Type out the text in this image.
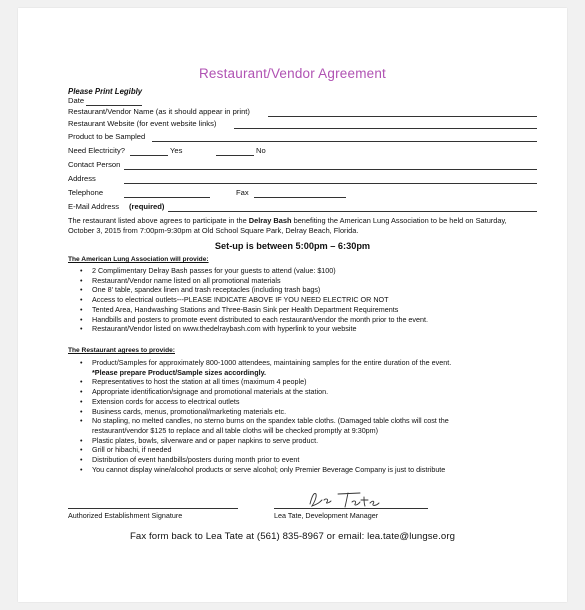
Restaurant/Vendor Agreement
Please Print Legibly
Date
Restaurant/Vendor Name (as it should appear in print)
Restaurant Website (for event website links)
Product to be Sampled
Need Electricity?	Yes	No
Contact Person
Address
Telephone	Fax
E-Mail Address (required)
The restaurant listed above agrees to participate in the Delray Bash benefiting the American Lung Association to be held on Saturday,
October 3, 2015 from 7:00pm-9:30pm at Old School Square Park, Delray Beach, Florida.
Set-up is between 5:00pm – 6:30pm
The American Lung Association will provide:
• 2 Complimentary Delray Bash passes for your guests to attend (value: $100)
• Restaurant/Vendor name listed on all promotional materials
• One 8' table, spandex linen and trash receptacles (including trash bags)
• Access to electrical outlets---PLEASE INDICATE ABOVE IF YOU NEED ELECTRIC OR NOT
• Tented Area, Handwashing Stations and Three-Basin Sink per Health Department Requirements
• Handbills and posters to promote event distributed to each restaurant/vendor the month prior to the event.
• Restaurant/Vendor listed on www.thedelraybash.com with hyperlink to your website
The Restaurant agrees to provide:
• Product/Samples for approximately 800-1000 attendees, maintaining samples for the entire duration of the event.
*Please prepare Product/Sample sizes accordingly.
• Representatives to host the station at all times (maximum 4 people)
• Appropriate identification/signage and promotional materials at the station.
• Extension cords for access to electrical outlets
• Business cards, menus, promotional/marketing materials etc.
• No stapling, no melted candles, no sterno burns on the spandex table cloths. (Damaged table cloths will cost the
restaurant/vendor $125 to replace and all table cloths will be checked promptly at 9:30pm)
• Plastic plates, bowls, silverware and or paper napkins to serve product.
• Grill or hibachi, if needed
• Distribution of event handbills/posters during month prior to event
• You cannot display wine/alcohol products or serve alcohol; only Premier Beverage Company is just to distribute
Authorized Establishment Signature	Lea Tate, Development Manager
Fax form back to Lea Tate at (561) 835-8967 or email: lea.tate@lungse.org
